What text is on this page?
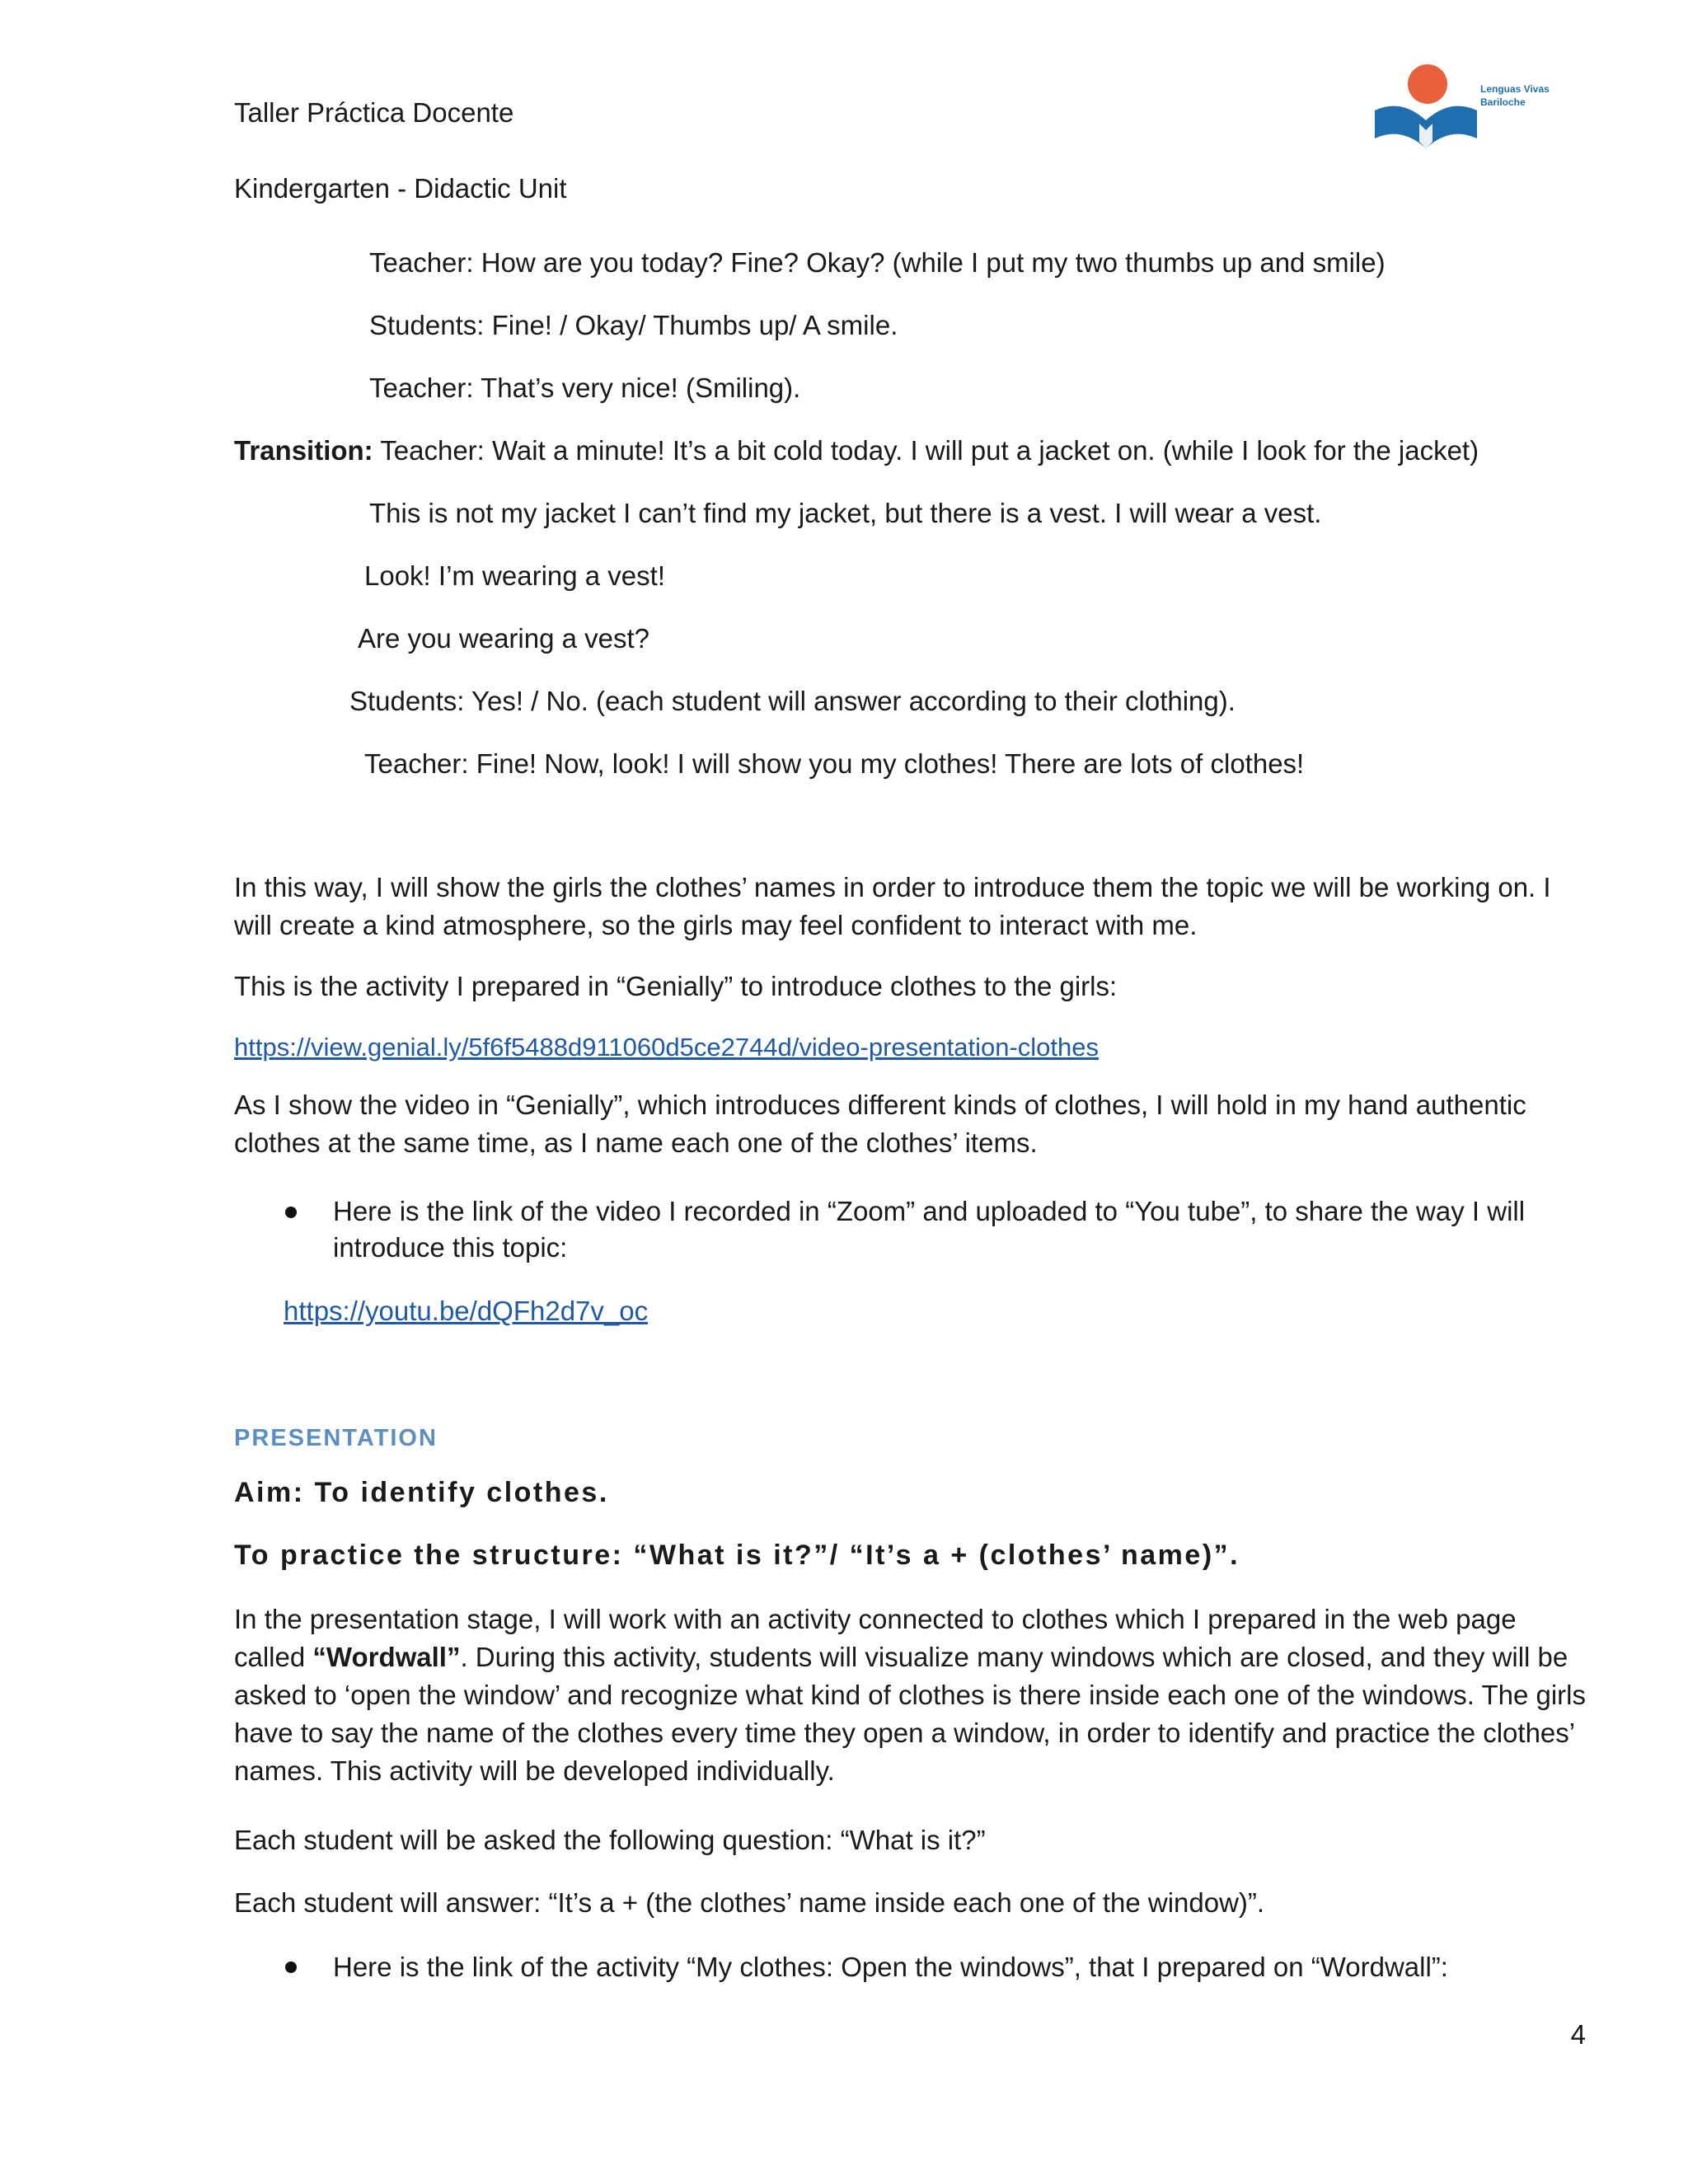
Taller Práctica Docente
Kindergarten - Didactic Unit
Lenguas Vivas
Bariloche
Teacher: How are you today? Fine? Okay? (while I put my two thumbs up and smile)
Students: Fine! / Okay/ Thumbs up/ A smile.
Teacher: That’s very nice! (Smiling).
Transition: Teacher: Wait a minute! It’s a bit cold today. I will put a jacket on. (while I look for the jacket)
This is not my jacket I can’t find my jacket, but there is a vest. I will wear a vest.
Look! I’m wearing a vest!
Are you wearing a vest?
Students: Yes! / No. (each student will answer according to their clothing).
Teacher: Fine! Now, look! I will show you my clothes! There are lots of clothes!
In this way, I will show the girls the clothes’ names in order to introduce them the topic we will be working on. I will create a kind atmosphere, so the girls may feel confident to interact with me.
This is the activity I prepared in “Genially” to introduce clothes to the girls:
https://view.genial.ly/5f6f5488d911060d5ce2744d/video-presentation-clothes
As I show the video in “Genially”, which introduces different kinds of clothes, I will hold in my hand authentic clothes at the same time, as I name each one of the clothes’ items.
Here is the link of the video I recorded in “Zoom” and uploaded to “You tube”, to share the way I will introduce this topic:
https://youtu.be/dQFh2d7v_oc
PRESENTATION
Aim: To identify clothes.
To practice the structure: “What is it?”/ “It’s a + (clothes’ name)”.
In the presentation stage, I will work with an activity connected to clothes which I prepared in the web page called “Wordwall”. During this activity, students will visualize many windows which are closed, and they will be asked to ‘open the window’ and recognize what kind of clothes is there inside each one of the windows. The girls have to say the name of the clothes every time they open a window, in order to identify and practice the clothes’ names. This activity will be developed individually.
Each student will be asked the following question: “What is it?”
Each student will answer: “It’s a + (the clothes’ name inside each one of the window)”.
Here is the link of the activity “My clothes: Open the windows”, that I prepared on “Wordwall”:
4
